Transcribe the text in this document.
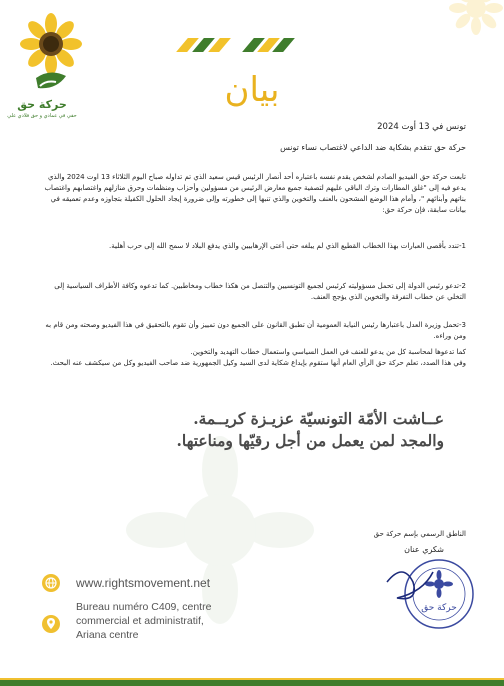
حركة حق
حقي في عمادي و حق فلادي علي
بيان
تونس في 13 أوت 2024
حركة حق تتقدم بشكاية ضد الداعي لاغتصاب نساء تونس
تابعت حركة حق الفيديو الصادم لشخص يقدم نفسه باعتباره أحد أنصار الرئيس قيس سعيد الذي تم تداوله صباح اليوم الثلاثاء 13 اوت 2024 والذي يدعو فيه إلى "غلق المطارات وترك الباقي عليهم لتصفية جميع معارض الرئيس من مسؤولين وأحزاب ومنظمات وحرق منازلهم واغتصابهم واغتصاب بناتهم وأبنائهم "، وأمام هذا الوضع المشحون بالعنف والتخوين والذي تنبها إلى خطورته وإلى ضرورة إيجاد الحلول الكفيلة بتجاوزه وعدم تعميقه في بيانات سابقة، فإن حركة حق:
1-تندد بأقصى العبارات بهذا الخطاب القطيع الذي لم يبلغه حتى أعتى الإرهابيين والذي يدفع البلاد لا سمح الله إلى حرب أهلية.
2-تدعو رئيس الدولة إلى تحمل مسؤوليته كرئيس لجميع التونسيين والتنصل من هكذا خطاب ومخاطبين. كما تدعوه وكافة الأطراف السياسية إلى التخلي عن خطاب التفرقة والتخوين الذي يؤجج العنف.
3-تحمل وزيرة العدل باعتبارها رئيس النيابة العمومية أن تطبق القانون على الجميع دون تمييز وأن تقوم بالتحقيق في هذا الفيديو وصحته ومن قام به ومن وراءه.
كما تدعوها لمحاسبة كل من يدعو للعنف في العمل السياسي واستعمال خطاب التهديد والتخوين.
وفي هذا الصدد، تعلم حركة حق الرأي العام أنها ستقوم بإيداع شكاية لدى السيد وكيل الجمهورية ضد صاحب الفيديو وكل من سيكشف عنه البحث.
عــاشت الأمّة التونسيّة عزيـزة كريــمة.
والمجد لمن يعمل من أجل رقيّها ومناعتها.
الناطق الرسمي بإسم حركة حق
شكري عنان
حركة حق
www.rightsmovement.net
Bureau numéro C409, centre
commercial et administratif,
Ariana centre
